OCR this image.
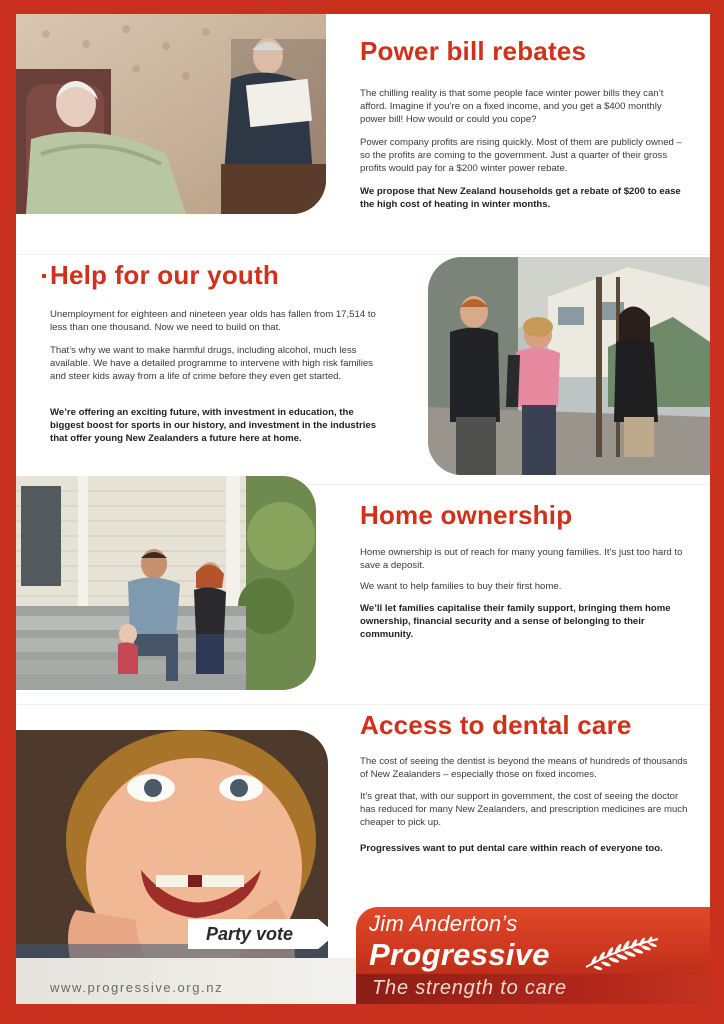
Power bill rebates

The chilling reality is that some people face winter power bills they can’t afford. Imagine if you’re on a fixed income, and you get a $400 monthly power bill! How would or could you cope?

Power company profits are rising quickly. Most of them are publicly owned – so the profits are coming to the government. Just a quarter of their gross profits would pay for a $200 winter power rebate.

We propose that New Zealand households get a rebate of $200 to ease the high cost of heating in winter months.

Help for our youth

Unemployment for eighteen and nineteen year olds has fallen from 17,514 to less than one thousand. Now we need to build on that.

That’s why we want to make harmful drugs, including alcohol, much less available. We have a detailed programme to intervene with high risk families and steer kids away from a life of crime before they even get started.

We’re offering an exciting future, with investment in education, the biggest boost for sports in our history, and investment in the industries that offer young New Zealanders a future here at home.

Home ownership

Home ownership is out of reach for many young families. It’s just too hard to save a deposit.

We want to help families to buy their first home.

We’ll let families capitalise their family support, bringing them home ownership, financial security and a sense of belonging to their community.

Access to dental care

The cost of seeing the dentist is beyond the means of hundreds of thousands of New Zealanders – especially those on fixed incomes.

It’s great that, with our support in government, the cost of seeing the doctor has reduced for many New Zealanders, and prescription medicines are much cheaper to pick up.

Progressives want to put dental care within reach of everyone too.

Party vote	Jim Anderton’s
Progressive
The strength to care
www.progressive.org.nz
